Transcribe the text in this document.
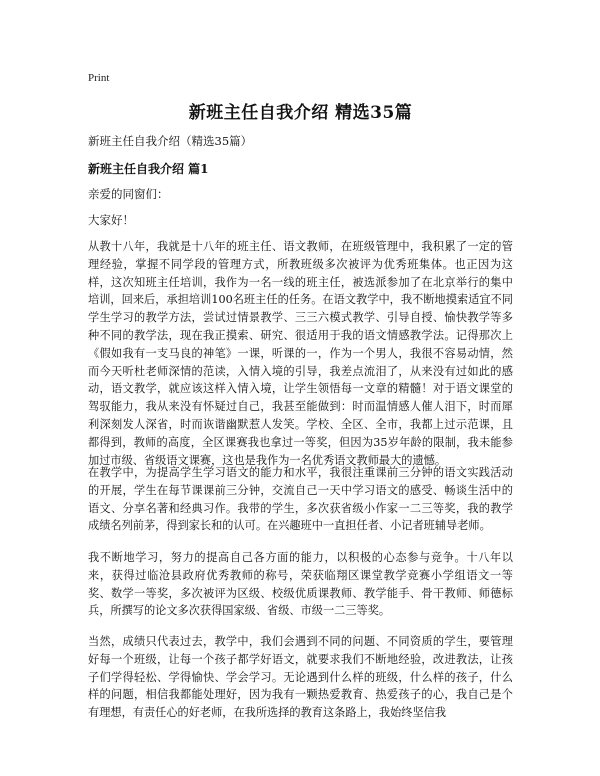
Print
新班主任自我介绍 精选35篇
新班主任自我介绍（精选35篇）
新班主任自我介绍 篇1
亲爱的同窗们：
大家好！

从教十八年，我就是十八年的班主任、语文教师，在班级管理中，我积累了一定的管理经验，掌握不同学段的管理方式，所教班级多次被评为优秀班集体。也正因为这样，这次知班主任培训，我作为一名一线的班主任，被选派参加了在北京举行的集中培训，回来后，承担培训100名班主任的任务。在语文教学中，我不断地摸索适宜不同学生学习的教学方法，尝试过情景教学、三三六模式教学、引导自授、愉快教学等多种不同的教学法，现在我正摸索、研究、很适用于我的语文情感教学法。记得那次上《假如我有一支马良的神笔》一课，听课的一，作为一个男人，我很不容易动情，然而今天听杜老师深情的范读，入情入境的引导，我差点流泪了，从来没有过如此的感动，语文教学，就应该这样入情入境，让学生领悟每一文章的精髓！对于语文课堂的驾驭能力，我从来没有怀疑过自己，我甚至能做到：时而温情感人催人泪下，时而犀利深刻发人深省，时而诙谐幽默惹人发笑。学校、全区、全市，我都上过示范课，且都得到，教师的高度，全区课赛我也拿过一等奖，但因为35岁年龄的限制，我未能参加过市级、省级语文课赛，这也是我作为一名优秀语文教师最大的遗憾。

在教学中，为提高学生学习语文的能力和水平，我很注重课前三分钟的语文实践活动的开展，学生在每节课课前三分钟，交流自己一天中学习语文的感受、畅谈生活中的语文、分享名著和经典习作。我带的学生，多次获省级小作家一二三等奖，我的教学成绩名列前茅，得到家长和的认可。在兴趣班中一直担任者、小记者班辅导老师。

我不断地学习，努力的提高自己各方面的能力，以积极的心态参与竞争。十八年以来，获得过临沧县政府优秀教师的称号，荣获临翔区课堂教学竞赛小学组语文一等奖、数学一等奖，多次被评为区级、校级优质课教师、教学能手、骨干教师、师德标兵，所撰写的论文多次获得国家级、省级、市级一二三等奖。

当然，成绩只代表过去，教学中，我们会遇到不同的问题、不同资质的学生，要管理好每一个班级，让每一个孩子都学好语文，就要求我们不断地经验，改进教法，让孩子们学得轻松、学得愉快、学会学习。无论遇到什么样的班级，什么样的孩子，什么样的问题，相信我都能处理好，因为我有一颗热爱教育、热爱孩子的心，我自己是个有理想，有责任心的好老师，在我所选择的教育这条路上，我始终坚信我
